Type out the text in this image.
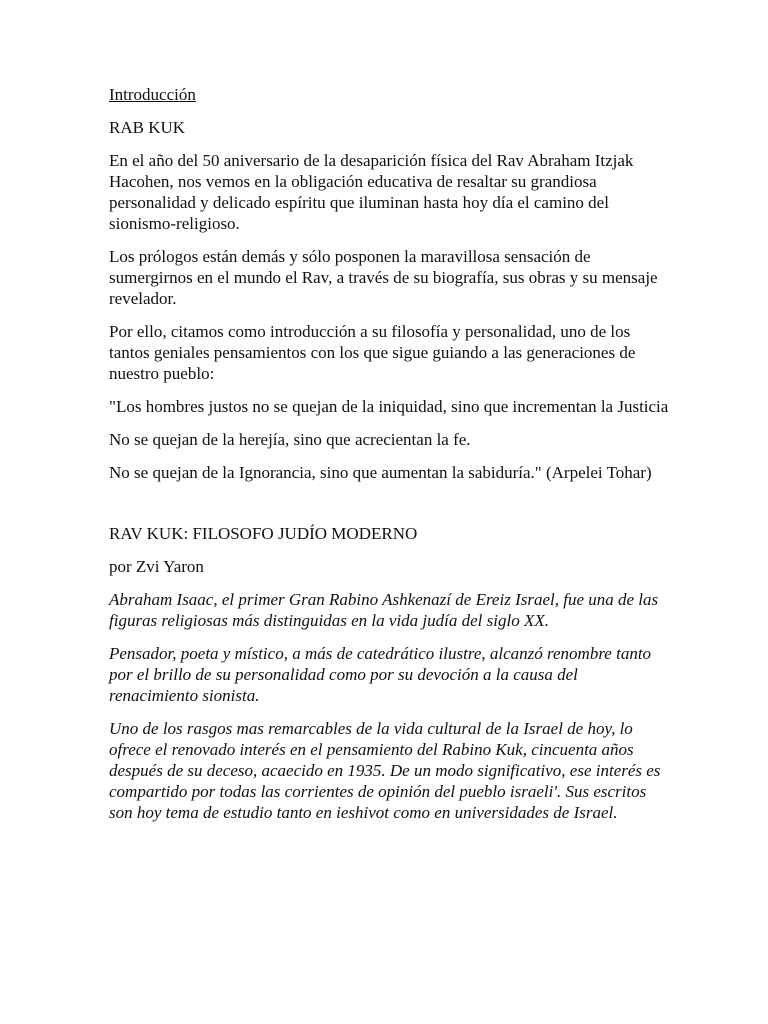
Introducción
RAB KUK
En el año del 50 aniversario de la desaparición física del Rav Abraham Itzjak Hacohen, nos vemos en la obligación educativa de resaltar su grandiosa personalidad y delicado espíritu que iluminan hasta hoy día el camino del sionismo-religioso.
Los prólogos están demás y sólo posponen la maravillosa sensación de sumergirnos en el mundo el Rav, a través de su biografía, sus obras y su mensaje revelador.
Por ello, citamos como introducción a su filosofía y personalidad, uno de los tantos geniales pensamientos con los que sigue guiando a las generaciones de nuestro pueblo:
"Los hombres justos no se quejan de la iniquidad, sino que incrementan la Justicia
No se quejan de la herejía, sino que acrecientan la fe.
No se quejan de la Ignorancia, sino que aumentan la sabiduría." (Arpelei Tohar)
RAV KUK: FILOSOFO JUDÍO MODERNO
por Zvi Yaron
Abraham Isaac, el primer Gran Rabino Ashkenazí de Ereiz Israel, fue una de las figuras religiosas más distinguidas en la vida judía del siglo XX.
Pensador, poeta y místico, a más de catedrático ilustre, alcanzó renombre tanto por el brillo de su personalidad como por su devoción a la causa del renacimiento sionista.
Uno de los rasgos mas remarcables de la vida cultural de la Israel de hoy, lo ofrece el renovado interés en el pensamiento del Rabino Kuk, cincuenta años después de su deceso, acaecido en 1935. De un modo significativo, ese interés es compartido por todas las corrientes de opinión del pueblo israeli'. Sus escritos son hoy tema de estudio tanto en ieshivot como en universidades de Israel.
